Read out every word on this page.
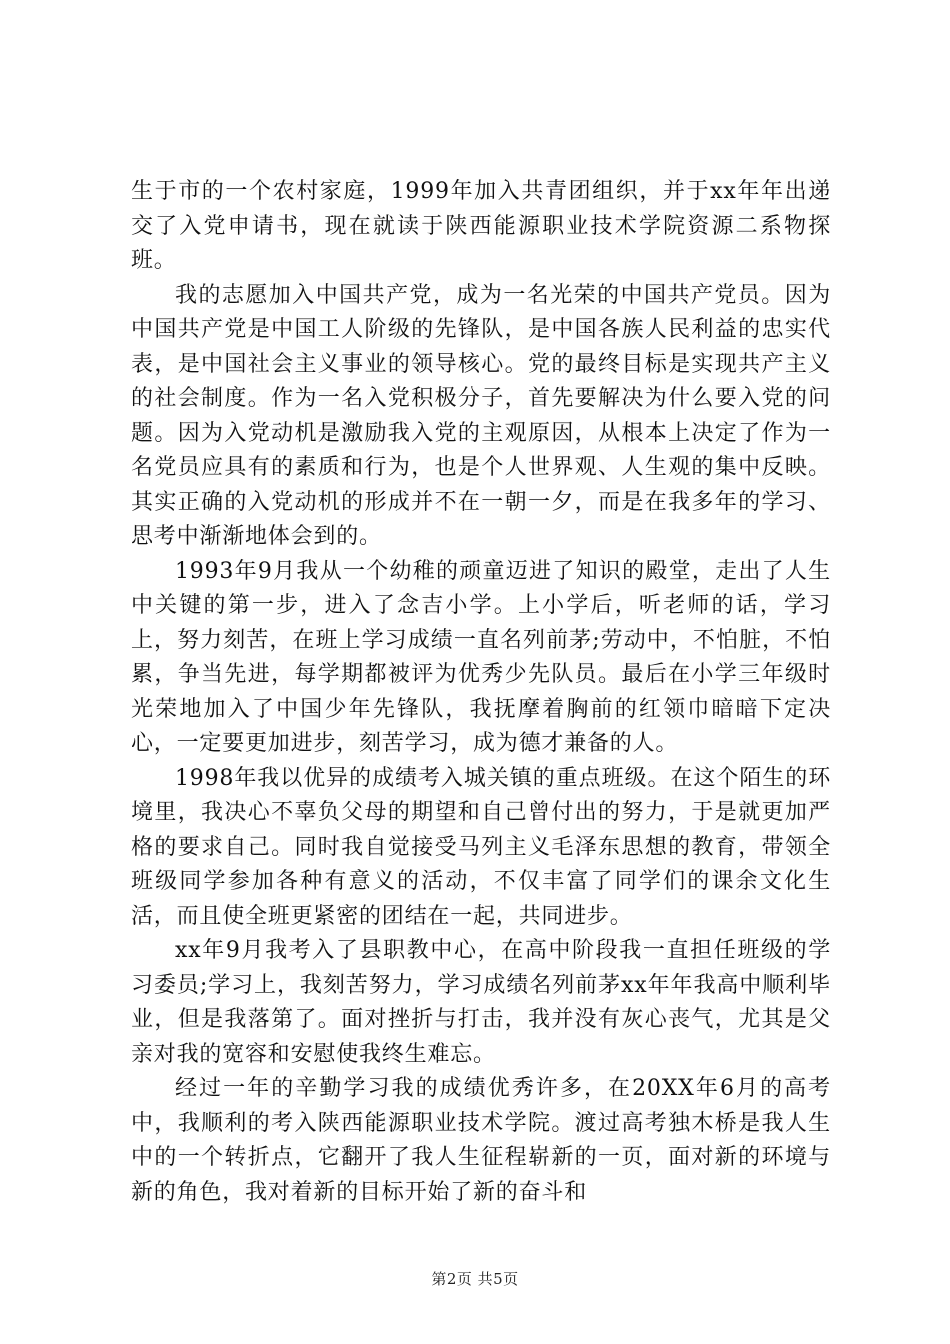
生于市的一个农村家庭，1999年加入共青团组织，并于xx年年出递交了入党申请书，现在就读于陕西能源职业技术学院资源二系物探班。

我的志愿加入中国共产党，成为一名光荣的中国共产党员。因为中国共产党是中国工人阶级的先锋队，是中国各族人民利益的忠实代表，是中国社会主义事业的领导核心。党的最终目标是实现共产主义的社会制度。作为一名入党积极分子，首先要解决为什么要入党的问题。因为入党动机是激励我入党的主观原因，从根本上决定了作为一名党员应具有的素质和行为，也是个人世界观、人生观的集中反映。其实正确的入党动机的形成并不在一朝一夕，而是在我多年的学习、思考中渐渐地体会到的。

1993年9月我从一个幼稚的顽童迈进了知识的殿堂，走出了人生中关键的第一步，进入了念吉小学。上小学后，听老师的话，学习上，努力刻苦，在班上学习成绩一直名列前茅;劳动中，不怕脏，不怕累，争当先进，每学期都被评为优秀少先队员。最后在小学三年级时光荣地加入了中国少年先锋队，我抚摩着胸前的红领巾暗暗下定决心，一定要更加进步，刻苦学习，成为德才兼备的人。

1998年我以优异的成绩考入城关镇的重点班级。在这个陌生的环境里，我决心不辜负父母的期望和自己曾付出的努力，于是就更加严格的要求自己。同时我自觉接受马列主义毛泽东思想的教育，带领全班级同学参加各种有意义的活动，不仅丰富了同学们的课余文化生活，而且使全班更紧密的团结在一起，共同进步。

xx年9月我考入了县职教中心，在高中阶段我一直担任班级的学习委员;学习上，我刻苦努力，学习成绩名列前茅xx年年我高中顺利毕业，但是我落第了。面对挫折与打击，我并没有灰心丧气，尤其是父亲对我的宽容和安慰使我终生难忘。

经过一年的辛勤学习我的成绩优秀许多，在20XX年6月的高考中，我顺利的考入陕西能源职业技术学院。渡过高考独木桥是我人生中的一个转折点，它翻开了我人生征程崭新的一页，面对新的环境与新的角色，我对着新的目标开始了新的奋斗和

第2页 共5页
